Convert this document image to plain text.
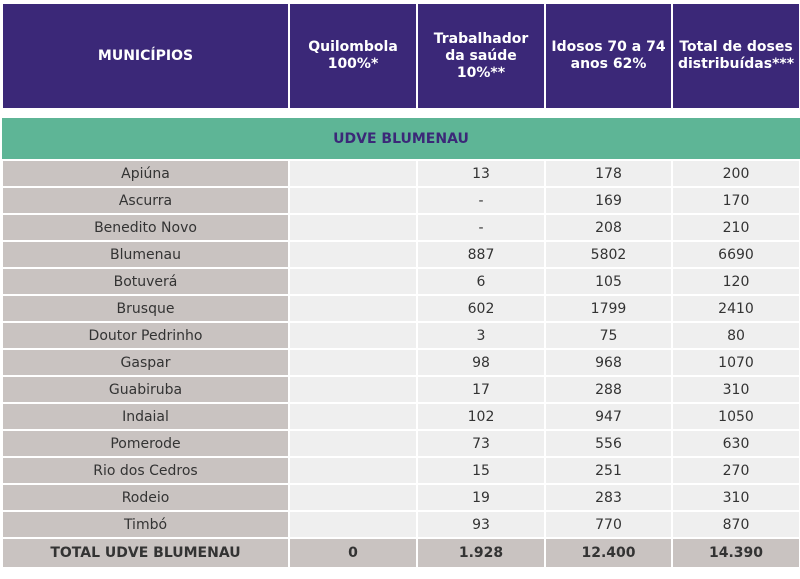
MUNICÍPIOS	Quilombola 100%*	Trabalhador da saúde 10%**	Idosos 70 a 74 anos 62%	Total de doses distribuídas***

UDVE BLUMENAU				
Apiúna		13	178	200
Ascurra		-	169	170
Benedito Novo		-	208	210
Blumenau		887	5802	6690
Botuverá		6	105	120
Brusque		602	1799	2410
Doutor Pedrinho		3	75	80
Gaspar		98	968	1070
Guabiruba		17	288	310
Indaial		102	947	1050
Pomerode		73	556	630
Rio dos Cedros		15	251	270
Rodeio		19	283	310
Timbó		93	770	870
TOTAL UDVE BLUMENAU	0	1.928	12.400	14.390
